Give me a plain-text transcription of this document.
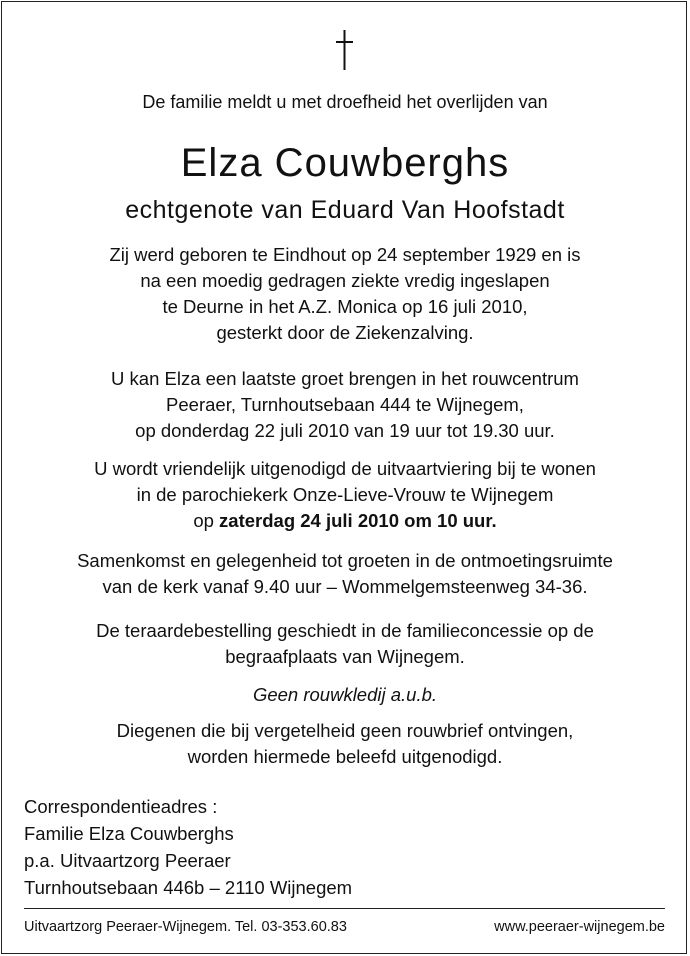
De familie meldt u met droefheid het overlijden van
Elza Couwberghs
echtgenote van Eduard Van Hoofstadt
Zij werd geboren te Eindhout op 24 september 1929 en is
na een moedig gedragen ziekte vredig ingeslapen
te Deurne in het A.Z. Monica op 16 juli 2010,
gesterkt door de Ziekenzalving.
U kan Elza een laatste groet brengen in het rouwcentrum
Peeraer, Turnhoutsebaan 444 te Wijnegem,
op donderdag 22 juli 2010 van 19 uur tot 19.30 uur.
U wordt vriendelijk uitgenodigd de uitvaartviering bij te wonen
in de parochiekerk Onze-Lieve-Vrouw te Wijnegem
op zaterdag 24 juli 2010 om 10 uur.
Samenkomst en gelegenheid tot groeten in de ontmoetingsruimte
van de kerk vanaf 9.40 uur – Wommelgemsteenweg 34-36.
De teraardebestelling geschiedt in de familieconcessie op de
begraafplaats van Wijnegem.
Geen rouwkledij a.u.b.
Diegenen die bij vergetelheid geen rouwbrief ontvingen,
worden hiermede beleefd uitgenodigd.
Correspondentieadres :
Familie Elza Couwberghs
p.a. Uitvaartzorg Peeraer
Turnhoutsebaan 446b – 2110 Wijnegem
Uitvaartzorg Peeraer-Wijnegem. Tel. 03-353.60.83	www.peeraer-wijnegem.be
